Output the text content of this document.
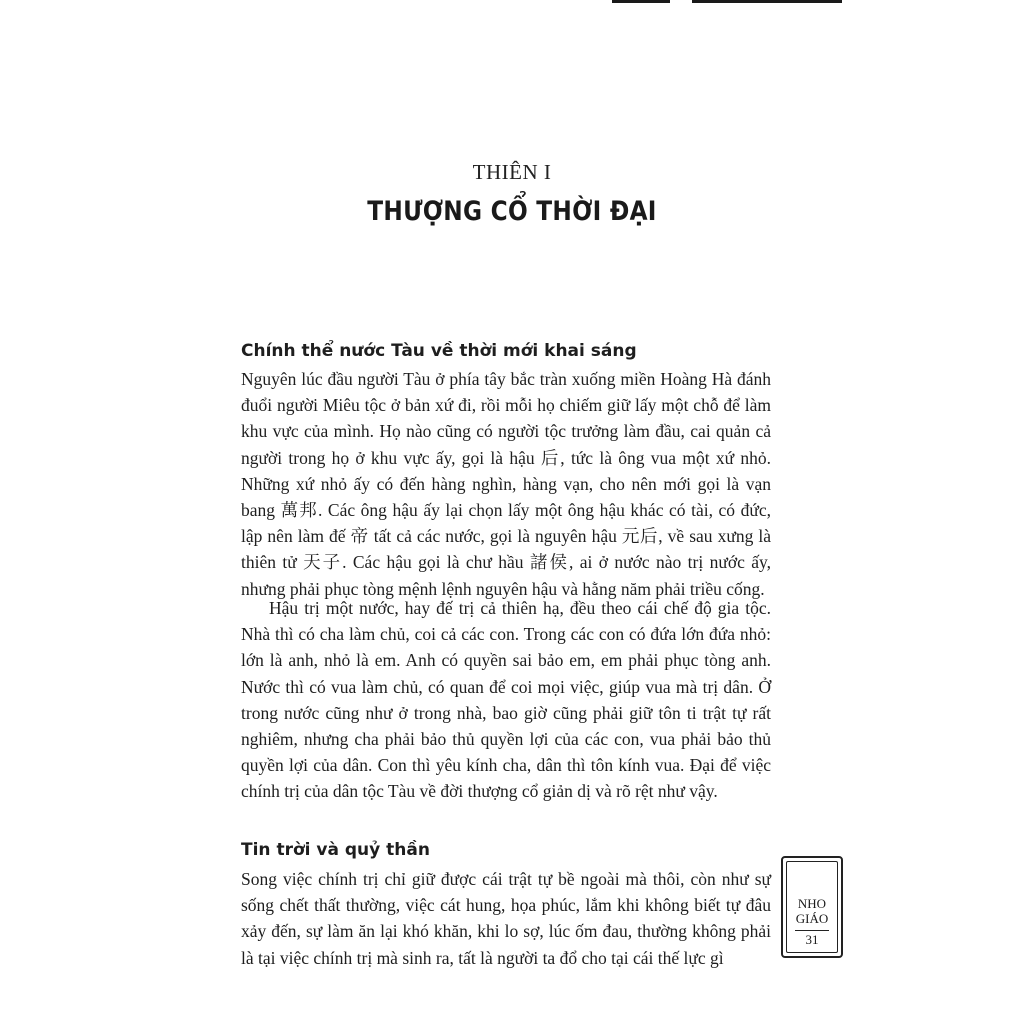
THIÊN I
THƯỢNG CỔ THỜI ĐẠI
Chính thể nước Tàu về thời mới khai sáng

Nguyên lúc đầu người Tàu ở phía tây bắc tràn xuống miền Hoàng Hà đánh đuổi người Miêu tộc ở bản xứ đi, rồi mỗi họ chiếm giữ lấy một chỗ để làm khu vực của mình. Họ nào cũng có người tộc trưởng làm đầu, cai quản cả người trong họ ở khu vực ấy, gọi là hậu 后, tức là ông vua một xứ nhỏ. Những xứ nhỏ ấy có đến hàng nghìn, hàng vạn, cho nên mới gọi là vạn bang 萬邦. Các ông hậu ấy lại chọn lấy một ông hậu khác có tài, có đức, lập nên làm đế 帝 tất cả các nước, gọi là nguyên hậu 元后, về sau xưng là thiên tử 天子. Các hậu gọi là chư hầu 諸侯, ai ở nước nào trị nước ấy, nhưng phải phục tòng mệnh lệnh nguyên hậu và hằng năm phải triều cống.

Hậu trị một nước, hay đế trị cả thiên hạ, đều theo cái chế độ gia tộc. Nhà thì có cha làm chủ, coi cả các con. Trong các con có đứa lớn đứa nhỏ: lớn là anh, nhỏ là em. Anh có quyền sai bảo em, em phải phục tòng anh. Nước thì có vua làm chủ, có quan để coi mọi việc, giúp vua mà trị dân. Ở trong nước cũng như ở trong nhà, bao giờ cũng phải giữ tôn ti trật tự rất nghiêm, nhưng cha phải bảo thủ quyền lợi của các con, vua phải bảo thủ quyền lợi của dân. Con thì yêu kính cha, dân thì tôn kính vua. Đại để việc chính trị của dân tộc Tàu về đời thượng cổ giản dị và rõ rệt như vậy.

Tin trời và quỷ thần

Song việc chính trị chỉ giữ được cái trật tự bề ngoài mà thôi, còn như sự sống chết thất thường, việc cát hung, họa phúc, lắm khi không biết tự đâu xảy đến, sự làm ăn lại khó khăn, khi lo sợ, lúc ốm đau, thường không phải là tại việc chính trị mà sinh ra, tất là người ta đổ cho tại cái thế lực gì

NHO
GIÁO
31
